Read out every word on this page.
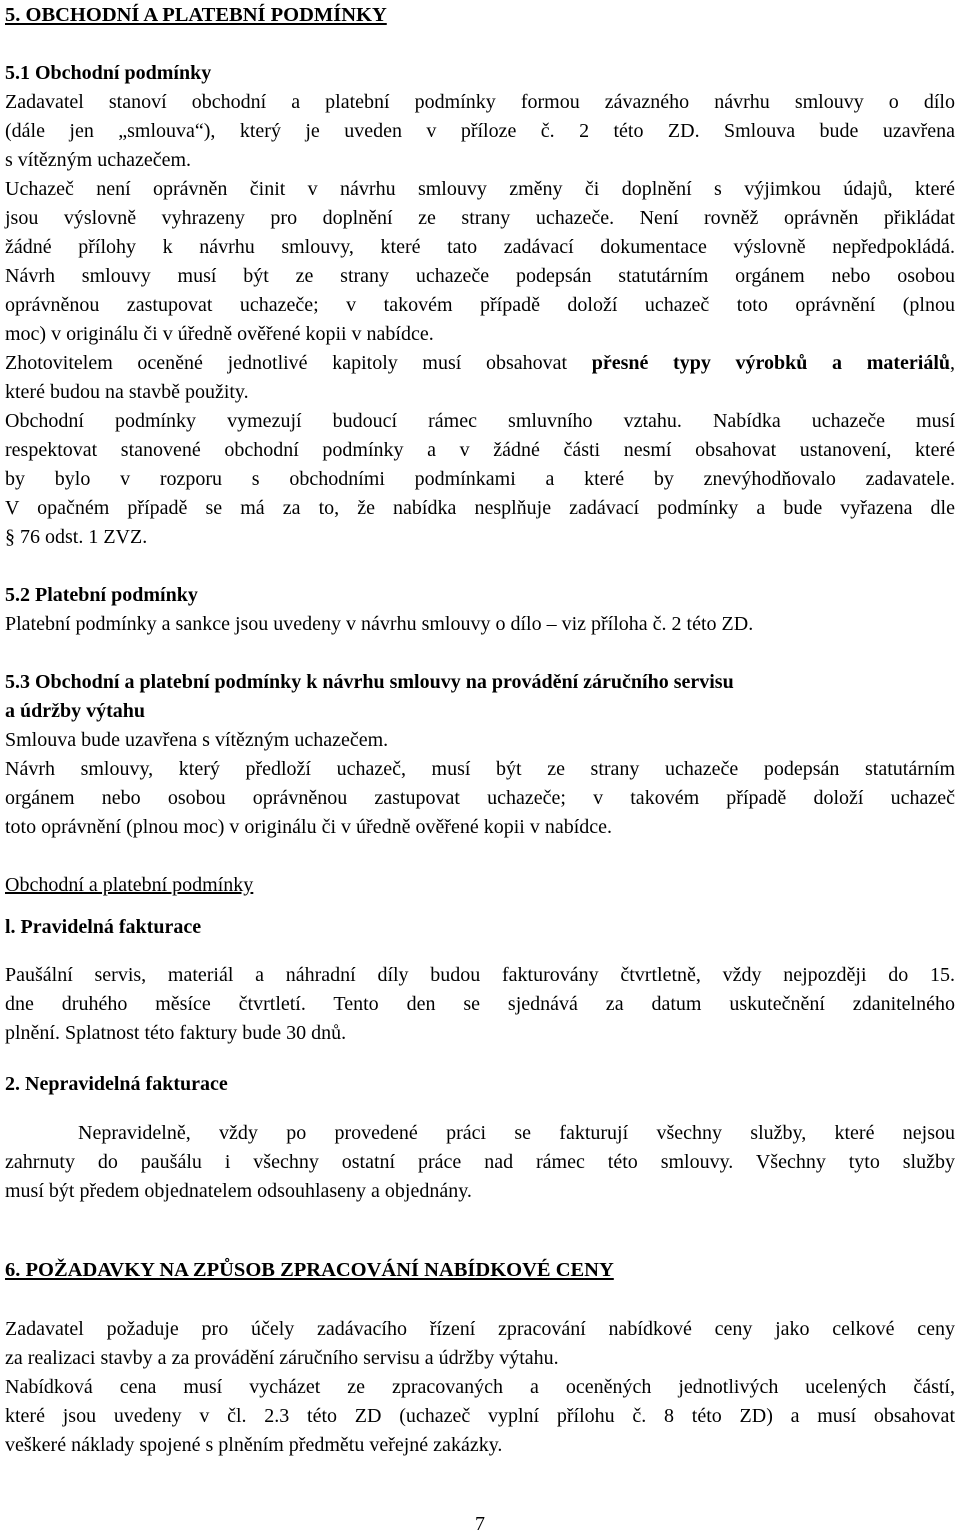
5. OBCHODNÍ A PLATEBNÍ PODMÍNKY
5.1 Obchodní podmínky
Zadavatel stanoví obchodní a platební podmínky formou závazného návrhu smlouvy o dílo
(dále jen „smlouva“), který je uveden v příloze č. 2 této ZD. Smlouva bude uzavřena
s vítězným uchazečem.
Uchazeč není oprávněn činit v návrhu smlouvy změny či doplnění s výjimkou údajů, které
jsou výslovně vyhrazeny pro doplnění ze strany uchazeče. Není rovněž oprávněn přikládat
žádné přílohy k návrhu smlouvy, které tato zadávací dokumentace výslovně nepředpokládá.
Návrh smlouvy musí být ze strany uchazeče podepsán statutárním orgánem nebo osobou
oprávněnou zastupovat uchazeče; v takovém případě doloží uchazeč toto oprávnění (plnou
moc) v originálu či v úředně ověřené kopii v nabídce.
Zhotovitelem oceněné jednotlivé kapitoly musí obsahovat přesné typy výrobků a materiálů,
které budou na stavbě použity.
Obchodní podmínky vymezují budoucí rámec smluvního vztahu. Nabídka uchazeče musí
respektovat stanovené obchodní podmínky a v žádné části nesmí obsahovat ustanovení, které
by bylo v rozporu s obchodními podmínkami a které by znevýhodňovalo zadavatele.
V opačném případě se má za to, že nabídka nesplňuje zadávací podmínky a bude vyřazena dle
§ 76 odst. 1 ZVZ.
5.2 Platební podmínky
Platební podmínky a sankce jsou uvedeny v návrhu smlouvy o dílo – viz příloha č. 2 této ZD.
5.3 Obchodní a platební podmínky k návrhu smlouvy na provádění záručního servisu
a údržby výtahu
Smlouva bude uzavřena s vítězným uchazečem.
Návrh smlouvy, který předloží uchazeč, musí být ze strany uchazeče podepsán statutárním
orgánem nebo osobou oprávněnou zastupovat uchazeče; v takovém případě doloží uchazeč
toto oprávnění (plnou moc) v originálu či v úředně ověřené kopii v nabídce.
Obchodní a platební podmínky
l. Pravidelná fakturace
Paušální servis, materiál a náhradní díly budou fakturovány čtvrtletně, vždy nejpozději do 15.
dne druhého měsíce čtvrtletí. Tento den se sjednává za datum uskutečnění zdanitelného
plnění. Splatnost této faktury bude 30 dnů.
2. Nepravidelná fakturace
Nepravidelně, vždy po provedené práci se fakturují všechny služby, které nejsou
zahrnuty do paušálu i všechny ostatní práce nad rámec této smlouvy. Všechny tyto služby
musí být předem objednatelem odsouhlaseny a objednány.
6. POŽADAVKY NA ZPŮSOB ZPRACOVÁNÍ NABÍDKOVÉ CENY
Zadavatel požaduje pro účely zadávacího řízení zpracování nabídkové ceny jako celkové ceny
za realizaci stavby a za provádění záručního servisu a údržby výtahu.
Nabídková cena musí vycházet ze zpracovaných a oceněných jednotlivých ucelených částí,
které jsou uvedeny v čl. 2.3 této ZD (uchazeč vyplní přílohu č. 8 této ZD) a musí obsahovat
veškeré náklady spojené s plněním předmětu veřejné zakázky.
7
